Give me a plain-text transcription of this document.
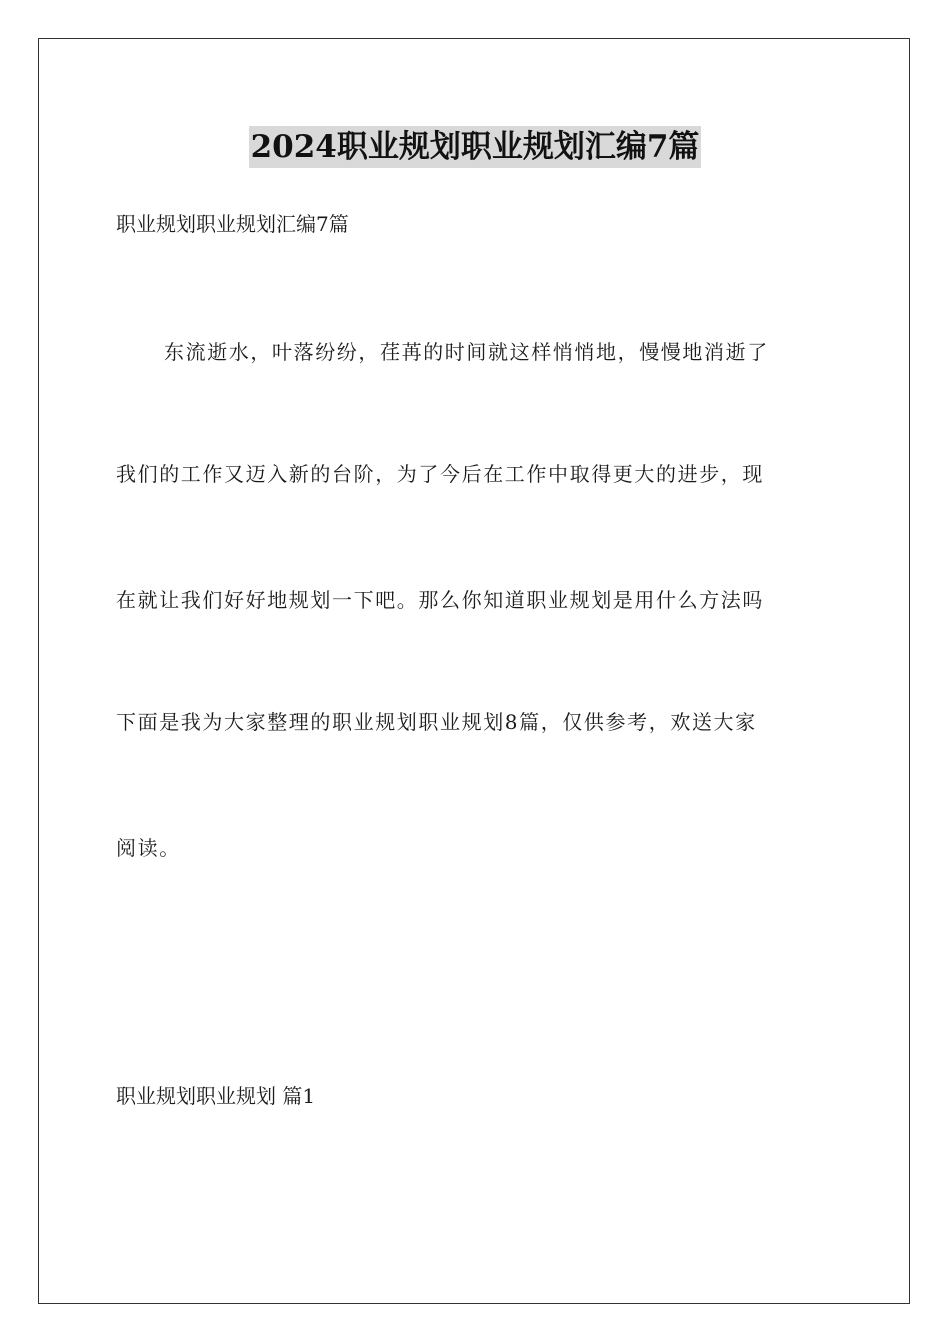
2024职业规划职业规划汇编7篇
职业规划职业规划汇编7篇
东流逝水，叶落纷纷，荏苒的时间就这样悄悄地，慢慢地消逝了
我们的工作又迈入新的台阶，为了今后在工作中取得更大的进步，现
在就让我们好好地规划一下吧。那么你知道职业规划是用什么方法吗
下面是我为大家整理的职业规划职业规划8篇，仅供参考，欢送大家
阅读。
职业规划职业规划 篇1
